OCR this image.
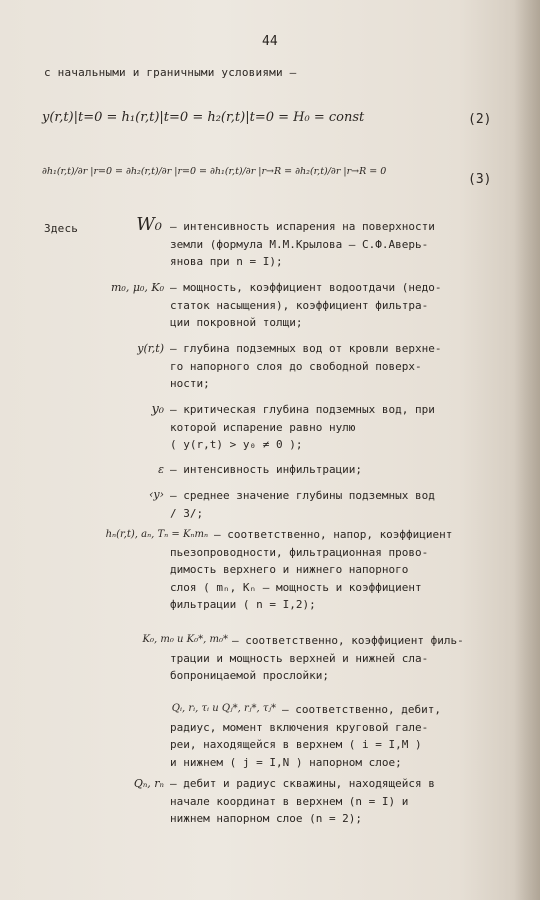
44
с начальными и граничными условиями –
y(r,t)|t=0 = h₁(r,t)|t=0 = h₂(r,t)|t=0 = H₀ = const	(2)
∂h₁(r,t)/∂r |r=0 = ∂h₂(r,t)/∂r |r=0 = ∂h₁(r,t)/∂r |r→R = ∂h₂(r,t)/∂r |r→R = 0
(3)
Здесь	W₀ – интенсивность испарения на поверхности
земли (формула М.М.Крылова – С.Ф.Аверь-
янова при n = I);
m₀, μ₀, K₀ – мощность, коэффициент водоотдачи (недо-
статок насыщения), коэффициент фильтра-
ции покровной толщи;
y(r,t) – глубина подземных вод от кровли верхне-
го напорного слоя до свободной поверх-
ности;
y₀ – критическая глубина подземных вод, при
которой испарение равно нулю
( y(r,t) > y₀ ≠ 0 );
ε – интенсивность инфильтрации;
‹y› – среднее значение глубины подземных вод
/ 3/;
hₙ(r,t), aₙ, Tₙ = Kₙmₙ – соответственно, напор, коэффициент
пьезопроводности, фильтрационная прово-
димость верхнего и нижнего напорного
слоя ( mₙ, Kₙ – мощность и коэффициент
фильтрации ( n = I,2);
K₀, m₀ и K₀*, m₀* – соответственно, коэффициент филь-
трации и мощность верхней и нижней сла-
бопроницаемой прослойки;
Qᵢ, rᵢ, τᵢ и Qⱼ*, rⱼ*, τⱼ* – соответственно, дебит,
радиус, момент включения круговой гале-
реи, находящейся в верхнем ( i = I,M )
и нижнем ( j = I,N ) напорном слое;
Qₙ, rₙ – дебит и радиус скважины, находящейся в
начале координат в верхнем (n = I) и
нижнем напорном слое (n = 2);
